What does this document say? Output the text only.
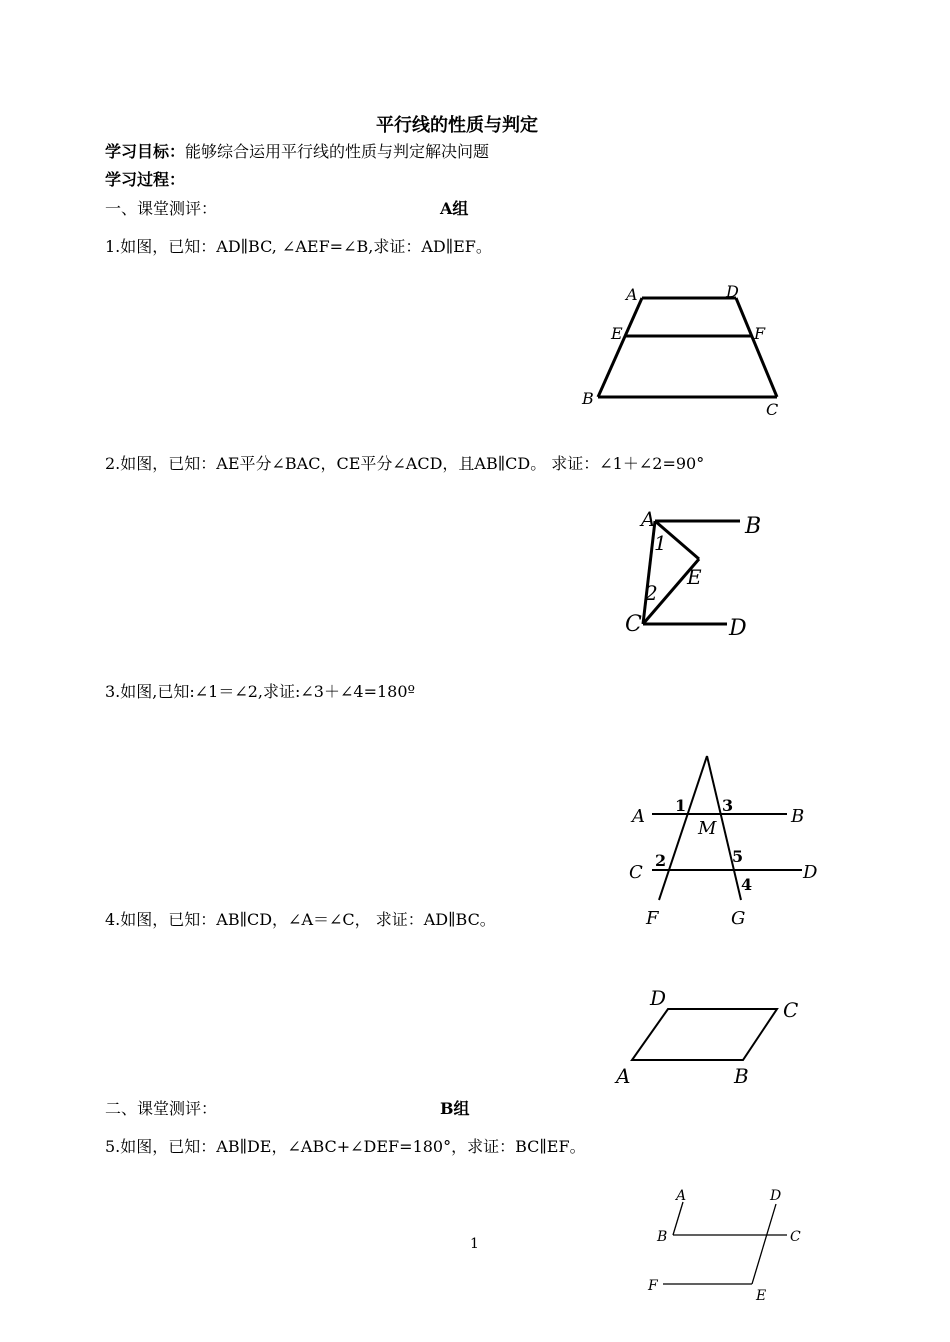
平行线的性质与判定
学习目标：能够综合运用平行线的性质与判定解决问题
学习过程：
一、课堂测评：	A组
1.如图，已知：AD∥BC, ∠AEF=∠B,求证：AD∥EF。
A	D
E	F
B
C
2.如图，已知：AE平分∠BAC，CE平分∠ACD，且AB∥CD。 求证：∠1＋∠2=90°
A	B
E
C	D
1
2
3.如图,已知:∠1＝∠2,求证:∠3＋∠4=180º
A	B
C	D
F	G
M
1 3
2	5
4
4.如图，已知：AB∥CD，∠A＝∠C， 求证：AD∥BC。
D	C
A	B
二、课堂测评：	B组
5.如图，已知：AB∥DE，∠ABC+∠DEF=180°，求证：BC∥EF。
A	D
B	C
F
E
1
